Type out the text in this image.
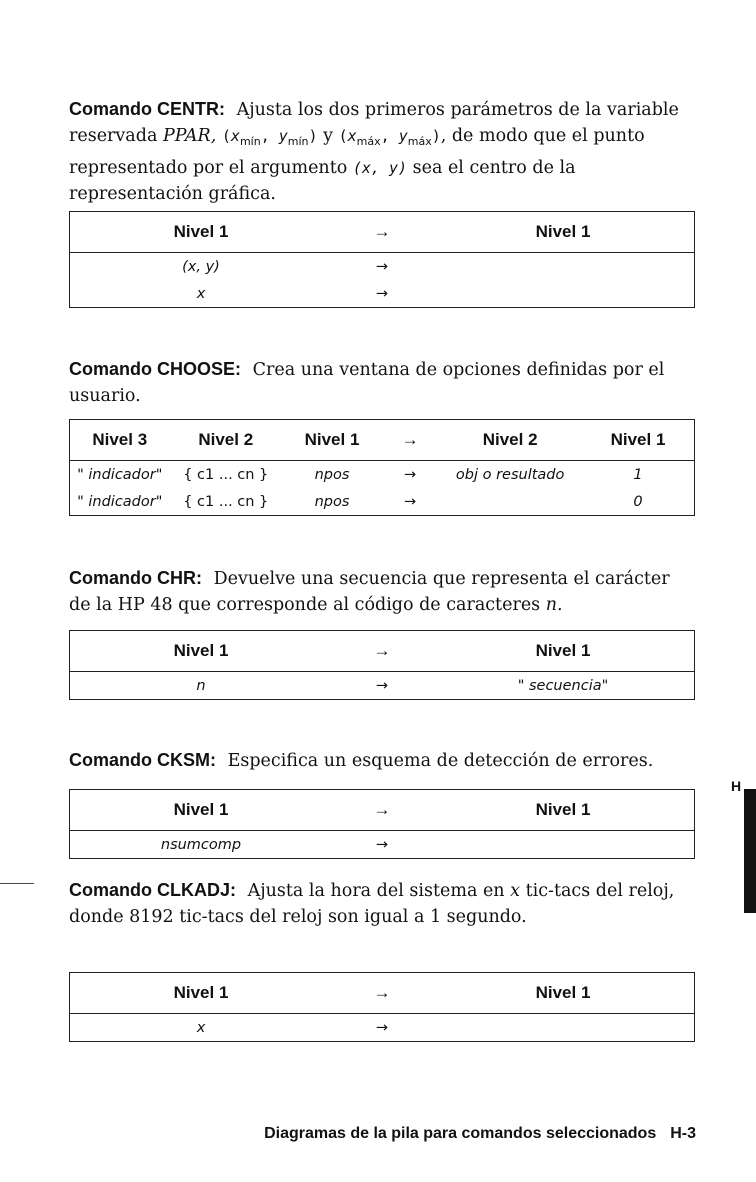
Comando CENTR: Ajusta los dos primeros parámetros de la variable reservada PPAR, ($x_{mín}$, $y_{mín}$) y ($x_{máx}$, $y_{máx}$), de modo que el punto representado por el argumento (x, y) sea el centro de la representación gráfica.

Nivel 1	→	Nivel 1
(x, y)	→	
x	→	

Comando CHOOSE: Crea una ventana de opciones definidas por el usuario.

Nivel 3	Nivel 2	Nivel 1	→	Nivel 2	Nivel 1
" indicador"	{ c1 ... cn }	npos	→	obj o resultado	1
" indicador"	{ c1 ... cn }	npos	→		0

Comando CHR: Devuelve una secuencia que representa el carácter de la HP 48 que corresponde al código de caracteres n.

Nivel 1	→	Nivel 1
n	→	" secuencia"

Comando CKSM: Especifica un esquema de detección de errores.

Nivel 1	→	Nivel 1
nsumcomp	→	

Comando CLKADJ: Ajusta la hora del sistema en x tic-tacs del reloj, donde 8192 tic-tacs del reloj son igual a 1 segundo.

Nivel 1	→	Nivel 1
x	→	
H
Diagramas de la pila para comandos seleccionados H-3
